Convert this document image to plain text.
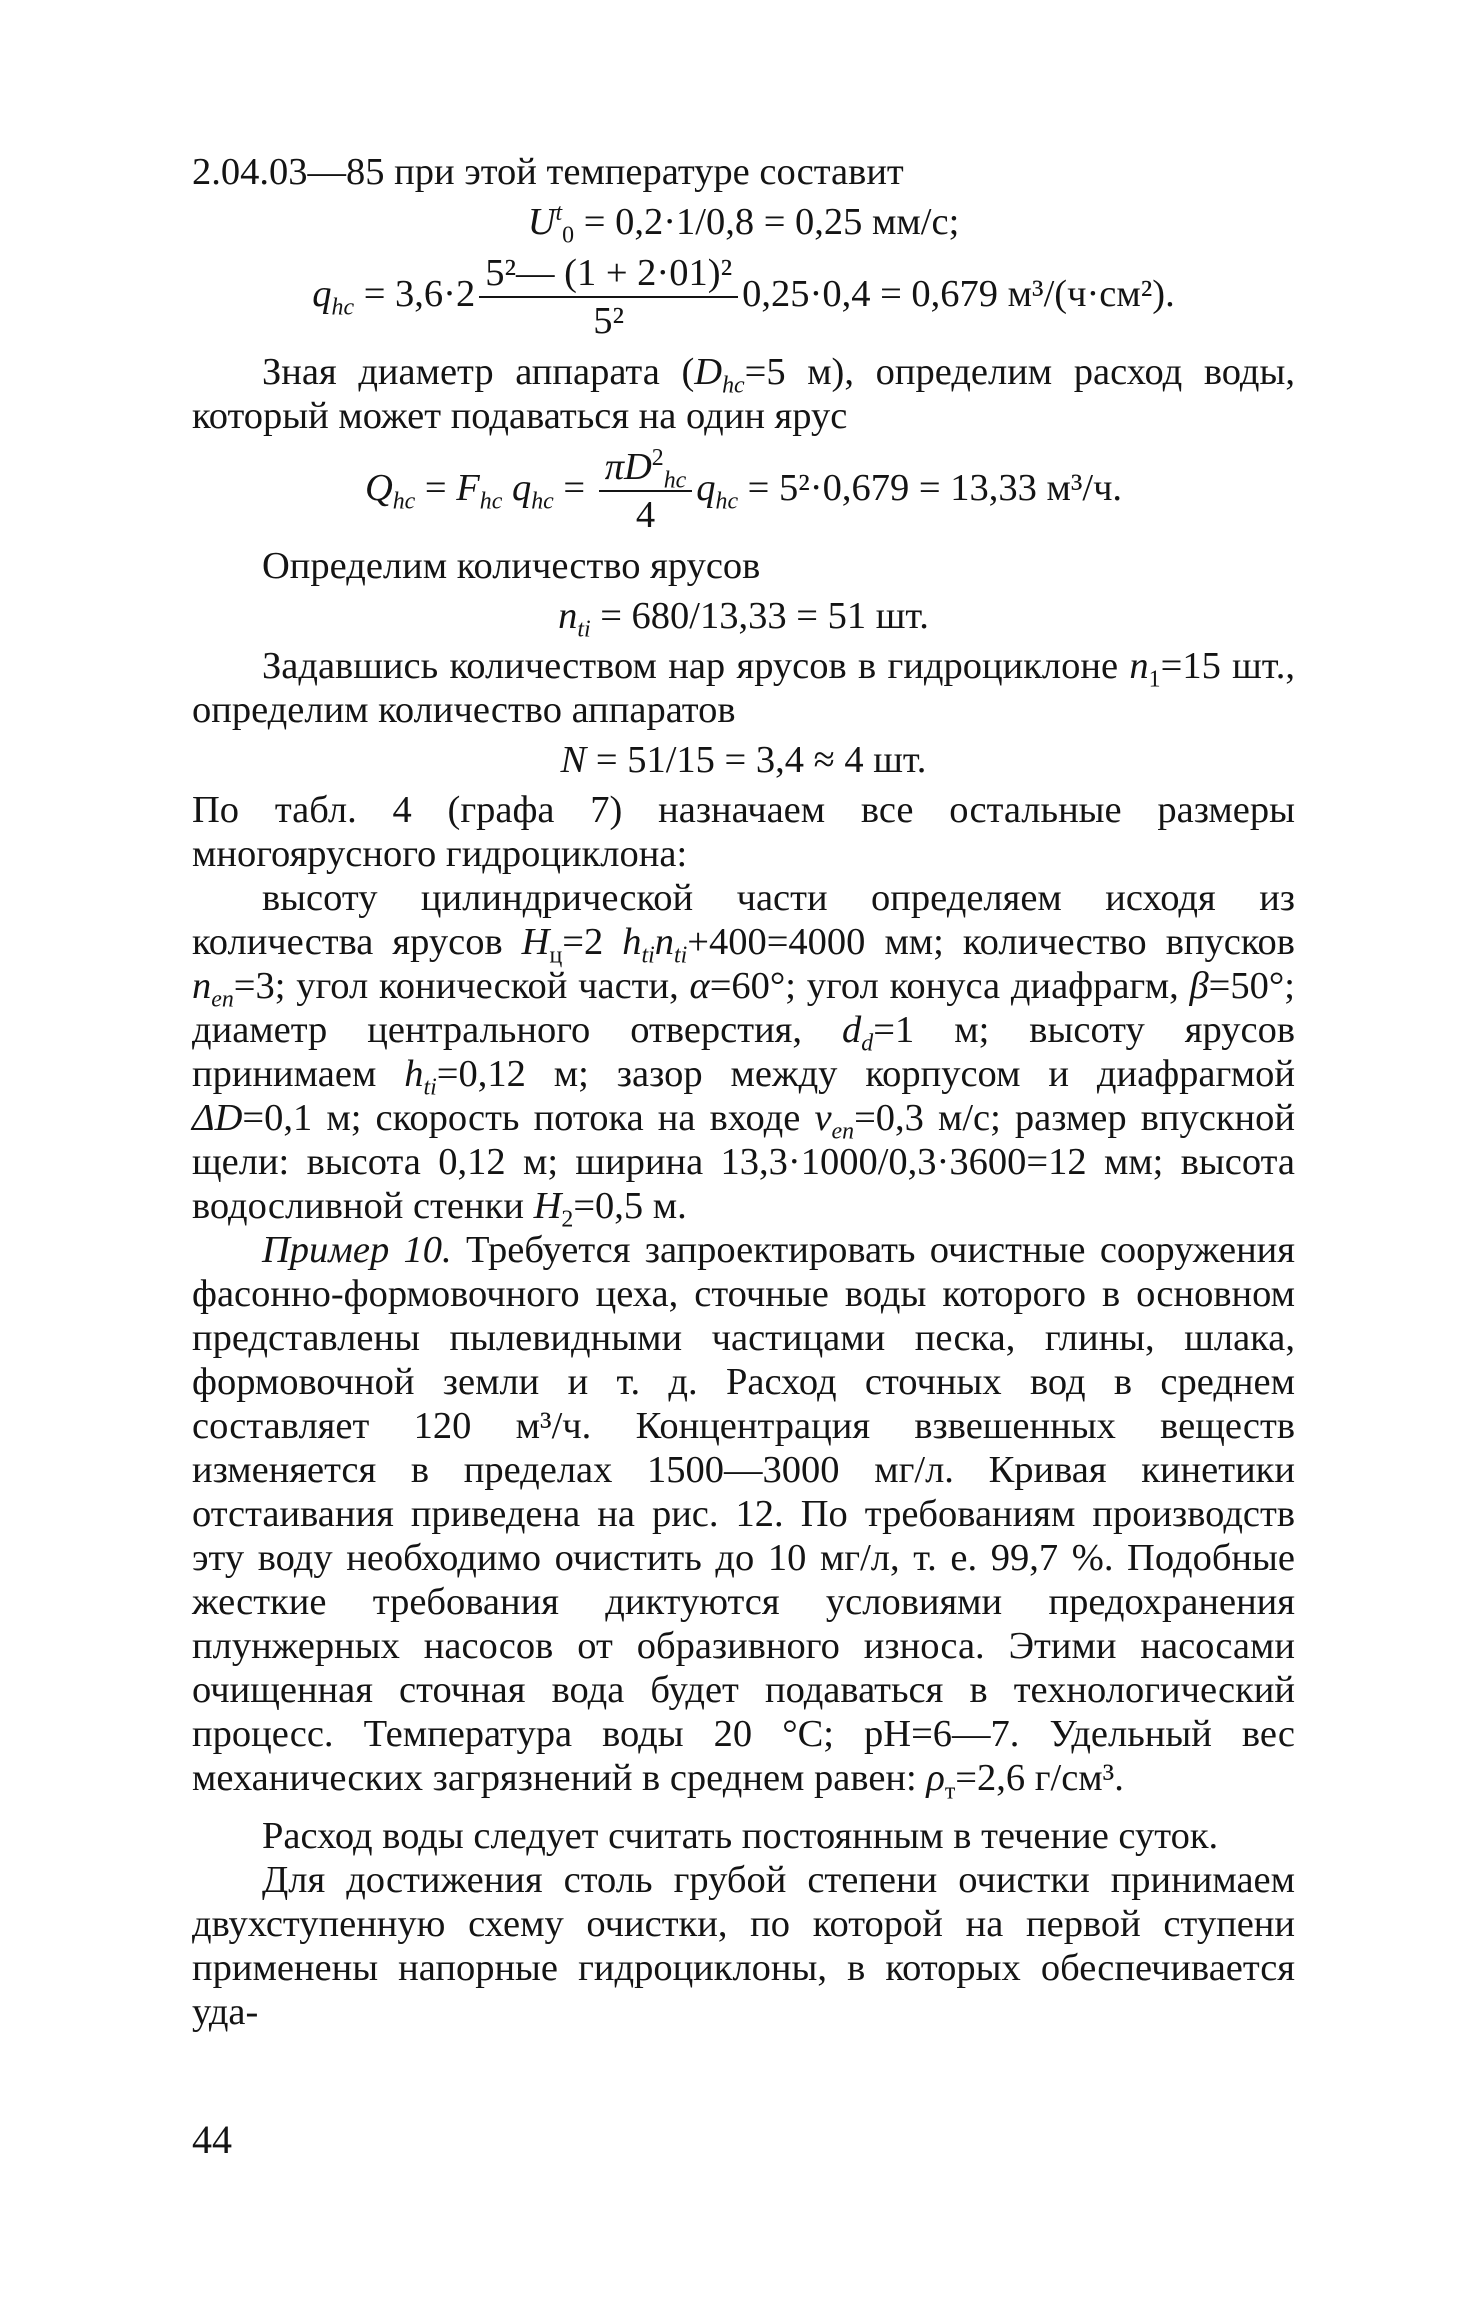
2.04.03—85 при этой температуре составит

$U^t_0 = 0,2\cdot 1/0,8 = 0,25$ мм/с;
$q_{hc} = 3,6\cdot 2 \frac{\text{5²— (1 + 2·01)²}}{\text{5²}} 0,25\cdot 0,4 = 0,679$ м³/(ч·см²).

Зная диаметр аппарата ($D_{hc}=5$ м), определим расход воды, который может подаваться на один ярус

$Q_{hc} = F_{hc}$ $q_{hc} = \frac{\pi D^2_{hc}}{4} q_{hc} = 5^2\cdot 0,679 = 13,33$ м³/ч.

Определим количество ярусов

$n_{ti} = 680/13,33 = 51$ шт.

Задавшись количеством нар ярусов в гидроциклоне $n_1=15$ шт., определим количество аппаратов

N = 51/15 = 3,4 ≈ 4 шт.

По табл. 4 (графа 7) назначаем все остальные размеры многоярусного гидроциклона:

высоту цилиндрической части определяем исходя из количества ярусов $H_ц=2$ $h_{ti}n_{ti}+400=4000$ мм; количество впусков $n_{en}=3$; угол конической части, α=60°; угол конуса диафрагм, β=50°; диаметр центрального отверстия, $d_d=1$ м; высоту ярусов принимаем $h_{ti}=0,12$ м; зазор между корпусом и диафрагмой ΔD=0,1 м; скорость потока на входе $v_{en}=0,3$ м/с; размер впускной щели: высота 0,12 м; ширина 13,3·1000/0,3·3600=12 мм; высота водосливной стенки $H_2=0,5$ м.

Пример 10. Требуется запроектировать очистные сооружения фасонно-формовочного цеха, сточные воды которого в основном представлены пылевидными частицами песка, глины, шлака, формовочной земли и т. д. Расход сточных вод в среднем составляет 120 м³/ч. Концентрация взвешенных веществ изменяется в пределах 1500—3000 мг/л. Кривая кинетики отстаивания приведена на рис. 12. По требованиям производств эту воду необходимо очистить до 10 мг/л, т. е. 99,7 %. Подобные жесткие требования диктуются условиями предохранения плунжерных насосов от образивного износа. Этими насосами очищенная сточная вода будет подаваться в технологический процесс. Температура воды 20 °С; pH=6—7. Удельный вес механических загрязнений в среднем равен: $\rho_т=2,6$ г/см³.

Расход воды следует считать постоянным в течение суток.

Для достижения столь грубой степени очистки принимаем двухступенную схему очистки, по которой на первой ступени применены напорные гидроциклоны, в которых обеспечивается уда-

44
